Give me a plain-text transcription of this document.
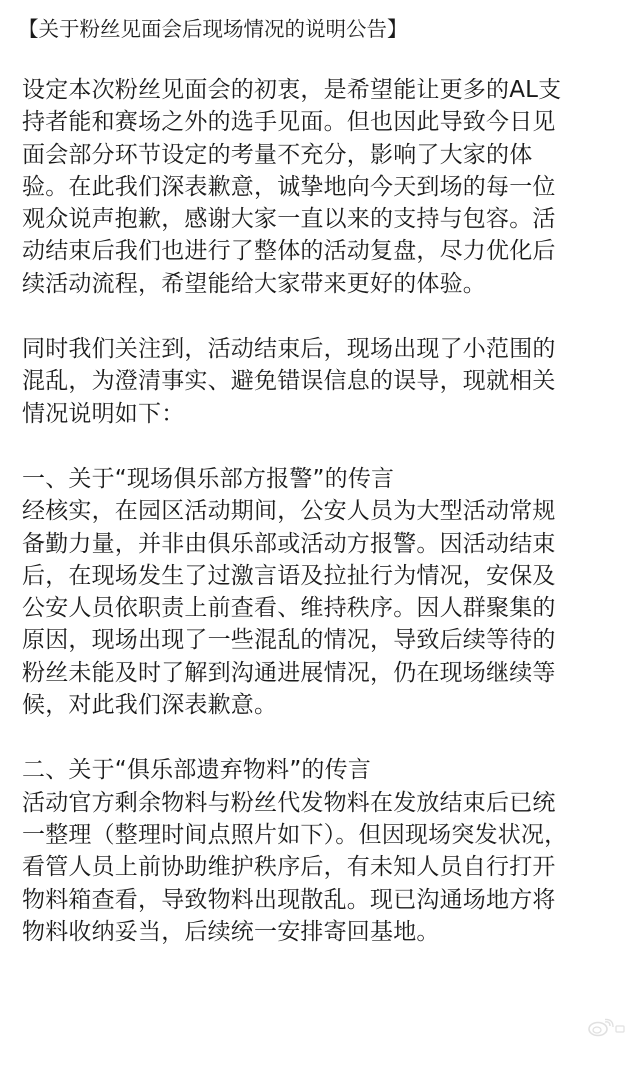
【关于粉丝见面会后现场情况的说明公告】
设定本次粉丝见面会的初衷，是希望能让更多的AL支
持者能和赛场之外的选手见面。但也因此导致今日见
面会部分环节设定的考量不充分，影响了大家的体
验。在此我们深表歉意，诚挚地向今天到场的每一位
观众说声抱歉，感谢大家一直以来的支持与包容。活
动结束后我们也进行了整体的活动复盘，尽力优化后
续活动流程，希望能给大家带来更好的体验。
同时我们关注到，活动结束后，现场出现了小范围的
混乱，为澄清事实、避免错误信息的误导，现就相关
情况说明如下：
一、关于“现场俱乐部方报警”的传言
经核实，在园区活动期间，公安人员为大型活动常规
备勤力量，并非由俱乐部或活动方报警。因活动结束
后，在现场发生了过激言语及拉扯行为情况，安保及
公安人员依职责上前查看、维持秩序。因人群聚集的
原因，现场出现了一些混乱的情况，导致后续等待的
粉丝未能及时了解到沟通进展情况，仍在现场继续等
候，对此我们深表歉意。
二、关于“俱乐部遗弃物料”的传言
活动官方剩余物料与粉丝代发物料在发放结束后已统
一整理（整理时间点照片如下）。但因现场突发状况，
看管人员上前协助维护秩序后，有未知人员自行打开
物料箱查看，导致物料出现散乱。现已沟通场地方将
物料收纳妥当，后续统一安排寄回基地。
